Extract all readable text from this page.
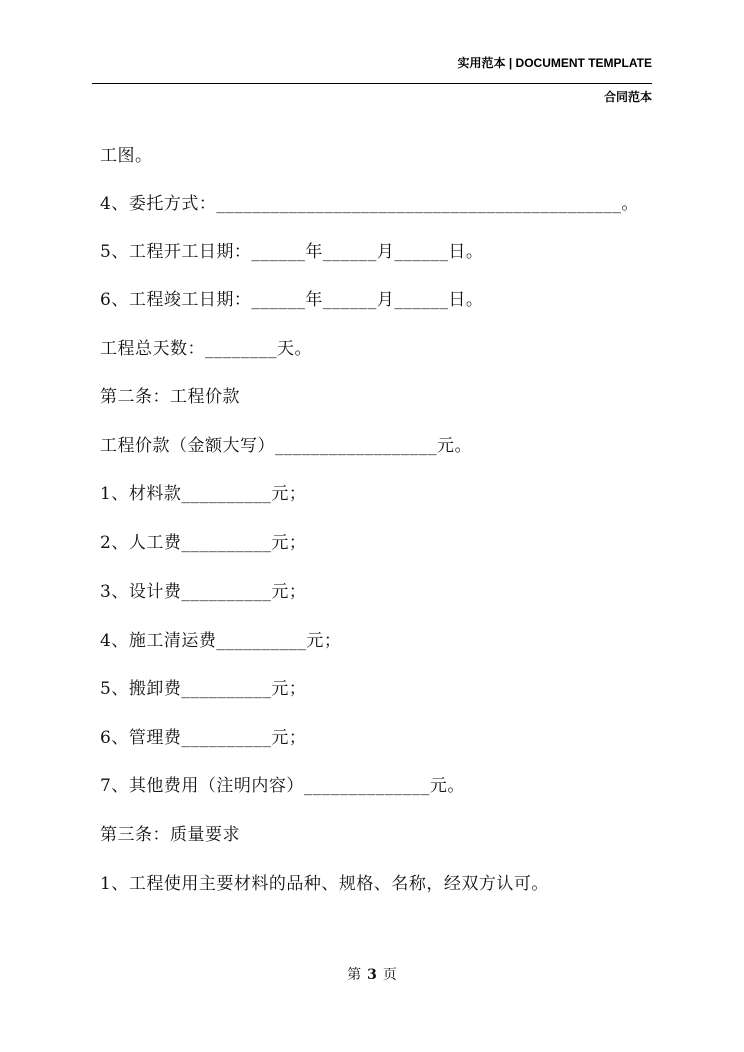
实用范本 | DOCUMENT TEMPLATE
合同范本
工图。
4、委托方式：_____________________________________________。
5、工程开工日期：______年______月______日。
6、工程竣工日期：______年______月______日。
工程总天数：________天。
第二条：工程价款
工程价款（金额大写）__________________元。
1、材料款__________元；
2、人工费__________元；
3、设计费__________元；
4、施工清运费__________元；
5、搬卸费__________元；
6、管理费__________元；
7、其他费用（注明内容）______________元。
第三条：质量要求
1、工程使用主要材料的品种、规格、名称，经双方认可。
第 3 页
